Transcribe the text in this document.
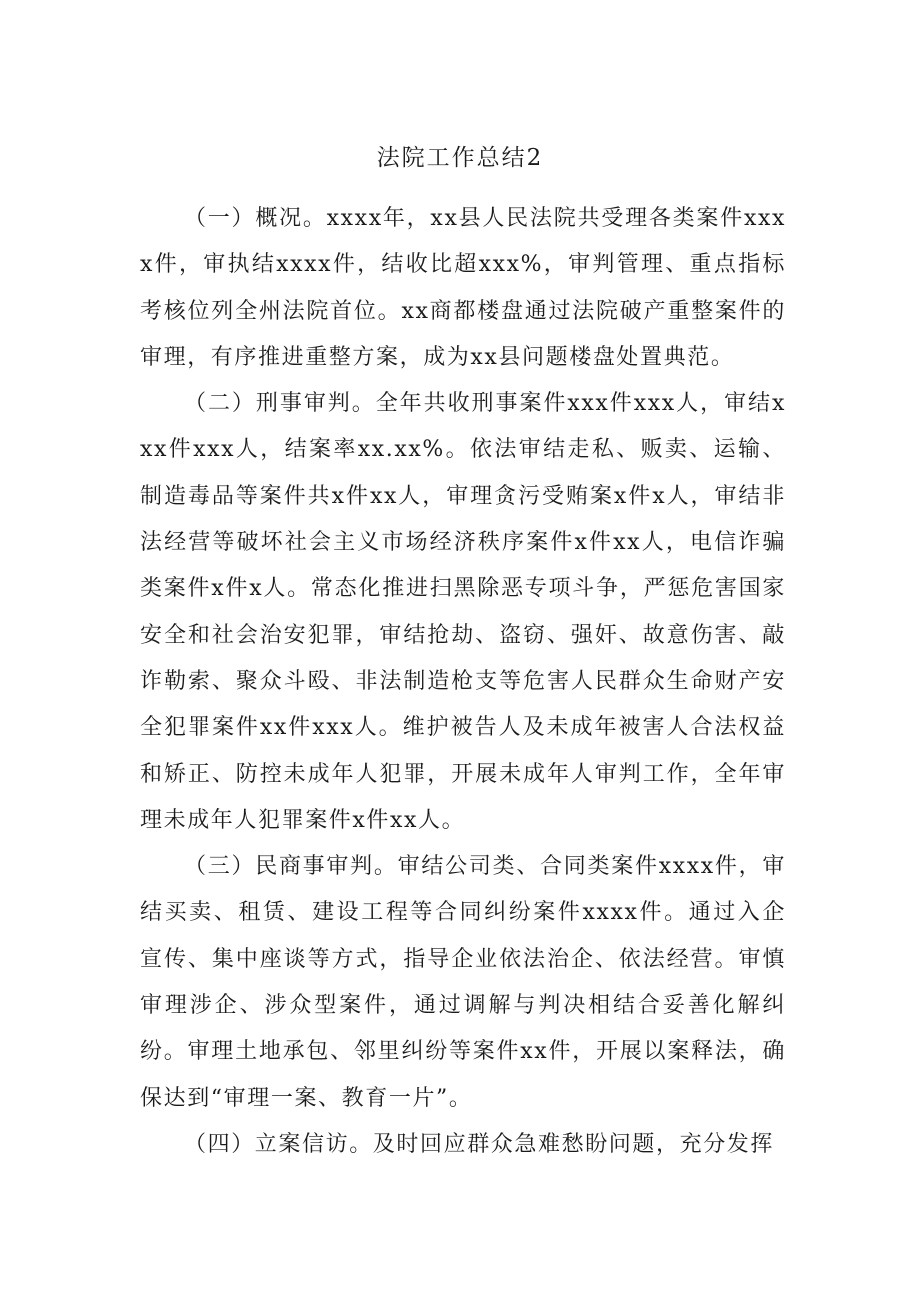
法院工作总结2

（一）概况。xxxx年，xx县人民法院共受理各类案件xxxx件，审执结xxxx件，结收比超xxx%，审判管理、重点指标考核位列全州法院首位。xx商都楼盘通过法院破产重整案件的审理，有序推进重整方案，成为xx县问题楼盘处置典范。

（二）刑事审判。全年共收刑事案件xxx件xxx人，审结xxx件xxx人，结案率xx.xx%。依法审结走私、贩卖、运输、制造毒品等案件共x件xx人，审理贪污受贿案x件x人，审结非法经营等破坏社会主义市场经济秩序案件x件xx人，电信诈骗类案件x件x人。常态化推进扫黑除恶专项斗争，严惩危害国家安全和社会治安犯罪，审结抢劫、盗窃、强奸、故意伤害、敲诈勒索、聚众斗殴、非法制造枪支等危害人民群众生命财产安全犯罪案件xx件xxx人。维护被告人及未成年被害人合法权益和矫正、防控未成年人犯罪，开展未成年人审判工作，全年审理未成年人犯罪案件x件xx人。

（三）民商事审判。审结公司类、合同类案件xxxx件，审结买卖、租赁、建设工程等合同纠纷案件xxxx件。通过入企宣传、集中座谈等方式，指导企业依法治企、依法经营。审慎审理涉企、涉众型案件，通过调解与判决相结合妥善化解纠纷。审理土地承包、邻里纠纷等案件xx件，开展以案释法，确保达到“审理一案、教育一片”。

（四）立案信访。及时回应群众急难愁盼问题，充分发挥
